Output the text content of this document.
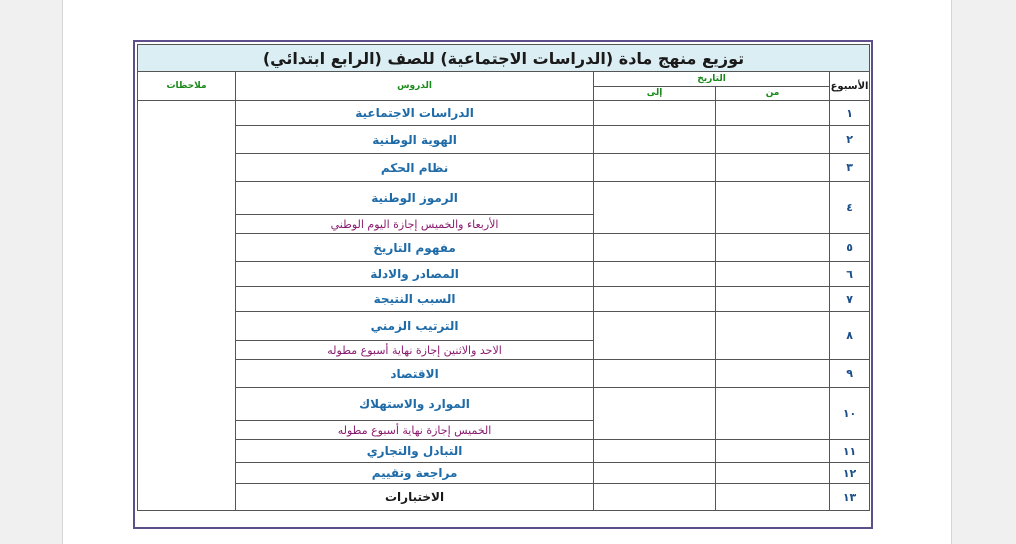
توزيع منهج مادة (الدراسات الاجتماعية) للصف (الرابع ابتدائي)				
الأسبوع	التاريخ		الدروس	ملاحظات
	من	إلى		
١			الدراسات الاجتماعية	
٢			الهوية الوطنية	
٣			نظام الحكم	
٤			الرموز الوطنية	
			الأربعاء والخميس إجازة اليوم الوطني	
٥			مفهوم التاريخ	
٦			المصادر والادلة	
٧			السبب النتيجة	
٨			الترتيب الزمني	
			الاحد والاثنين إجازة نهاية أسبوع مطوله	
٩			الاقتصاد	
١٠			الموارد والاستهلاك	
			الخميس إجازة نهاية أسبوع مطوله	
١١			التبادل والتجاري	
١٢			مراجعة وتقييم	
١٣			الاختبارات	
